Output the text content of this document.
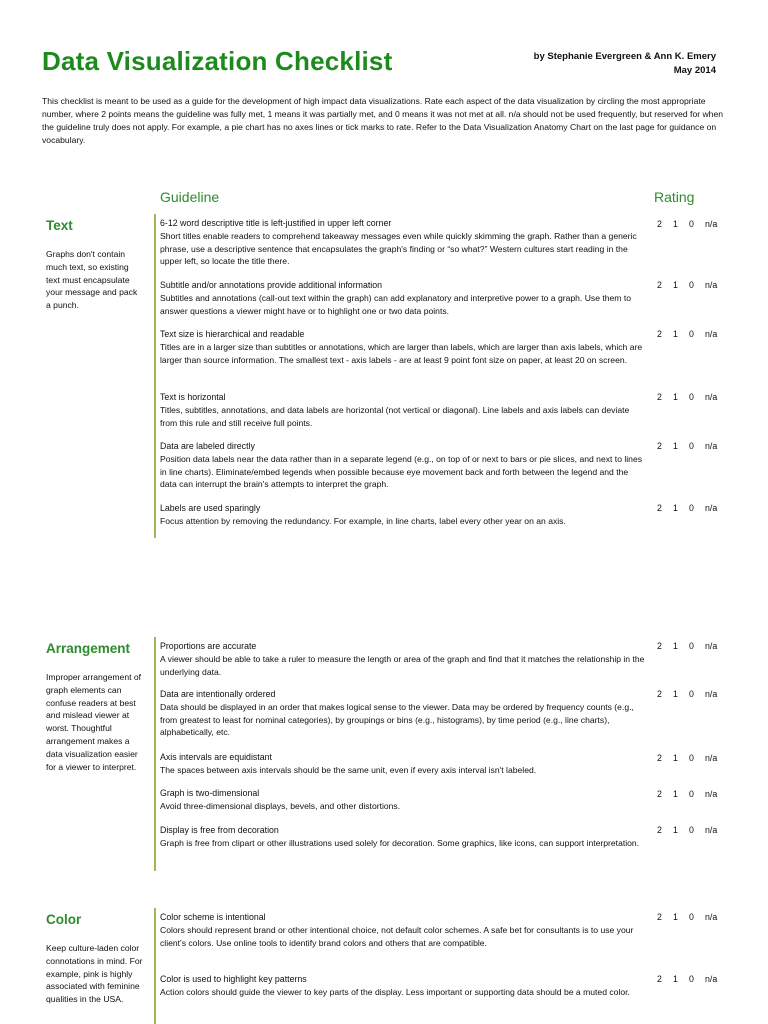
Data Visualization Checklist	by Stephanie Evergreen & Ann K. Emery
May 2014
This checklist is meant to be used as a guide for the development of high impact data visualizations. Rate each aspect of the data visualization by circling the most appropriate number, where 2 points means the guideline was fully met, 1 means it was partially met, and 0 means it was not met at all. n/a should not be used frequently, but reserved for when the guideline truly does not apply. For example, a pie chart has no axes lines or tick marks to rate. Refer to the Data Visualization Anatomy Chart on the last page for guidance on vocabulary.
Guideline	Rating
Text
Graphs don't contain much text, so existing text must encapsulate your message and pack a punch.
6-12 word descriptive title is left-justified in upper left corner
Short titles enable readers to comprehend takeaway messages even while quickly skimming the graph. Rather than a generic phrase, use a descriptive sentence that encapsulates the graph's finding or “so what?” Western cultures start reading in the upper left, so locate the title there.
2 1 0 n/a
Subtitle and/or annotations provide additional information
Subtitles and annotations (call-out text within the graph) can add explanatory and interpretive power to a graph. Use them to answer questions a viewer might have or to highlight one or two data points.
2 1 0 n/a
Text size is hierarchical and readable
Titles are in a larger size than subtitles or annotations, which are larger than labels, which are larger than axis labels, which are larger than source information. The smallest text - axis labels - are at least 9 point font size on paper, at least 20 on screen.
2 1 0 n/a
Text is horizontal
Titles, subtitles, annotations, and data labels are horizontal (not vertical or diagonal). Line labels and axis labels can deviate from this rule and still receive full points.
2 1 0 n/a
Data are labeled directly
Position data labels near the data rather than in a separate legend (e.g., on top of or next to bars or pie slices, and next to lines in line charts). Eliminate/embed legends when possible because eye movement back and forth between the legend and the data can interrupt the brain's attempts to interpret the graph.
2 1 0 n/a
Labels are used sparingly
Focus attention by removing the redundancy. For example, in line charts, label every other year on an axis.
2 1 0 n/a
Arrangement
Improper arrangement of graph elements can confuse readers at best and mislead viewer at worst. Thoughtful arrangement makes a data visualization easier for a viewer to interpret.
Proportions are accurate
A viewer should be able to take a ruler to measure the length or area of the graph and find that it matches the relationship in the underlying data.
2 1 0 n/a
Data are intentionally ordered
Data should be displayed in an order that makes logical sense to the viewer. Data may be ordered by frequency counts (e.g., from greatest to least for nominal categories), by groupings or bins (e.g., histograms), by time period (e.g., line charts), alphabetically, etc.
2 1 0 n/a
Axis intervals are equidistant
The spaces between axis intervals should be the same unit, even if every axis interval isn't labeled.
2 1 0 n/a
Graph is two-dimensional
Avoid three-dimensional displays, bevels, and other distortions.
2 1 0 n/a
Display is free from decoration
Graph is free from clipart or other illustrations used solely for decoration. Some graphics, like icons, can support interpretation.
2 1 0 n/a
Color
Keep culture-laden color connotations in mind. For example, pink is highly associated with feminine qualities in the USA.
Color scheme is intentional
Colors should represent brand or other intentional choice, not default color schemes. A safe bet for consultants is to use your client's colors. Use online tools to identify brand colors and others that are compatible.
2 1 0 n/a
Color is used to highlight key patterns
Action colors should guide the viewer to key parts of the display. Less important or supporting data should be a muted color.
2 1 0 n/a
